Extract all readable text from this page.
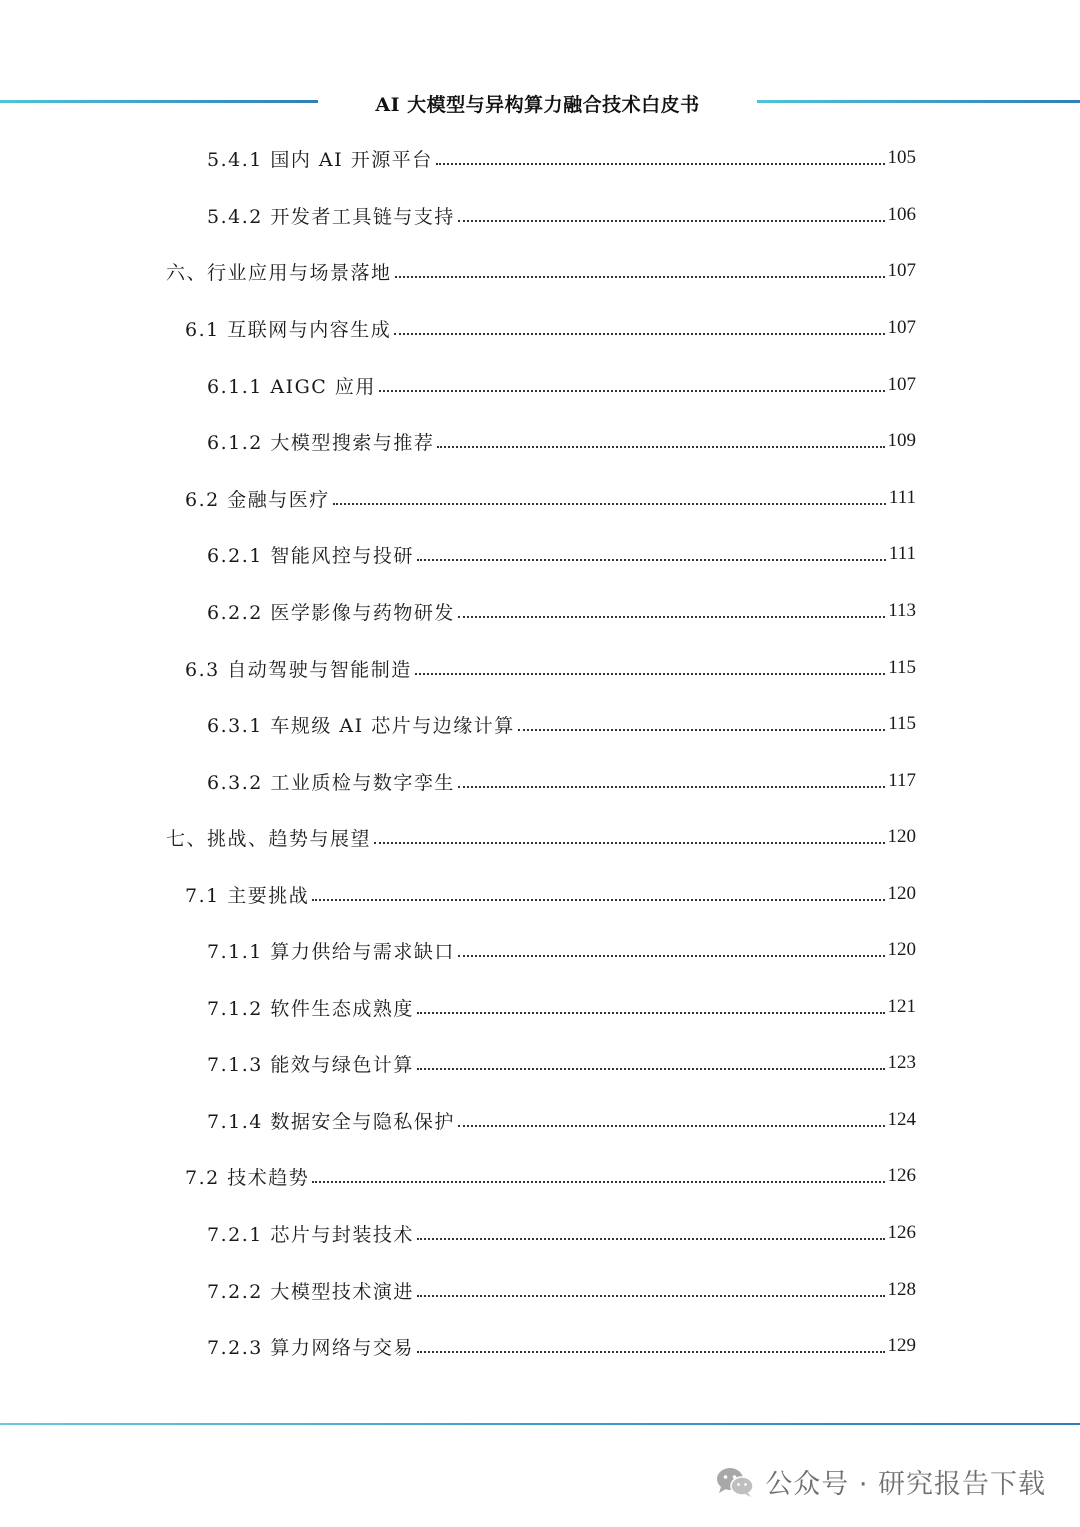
AI 大模型与异构算力融合技术白皮书
5.4.1 国内 AI 开源平台	105
5.4.2 开发者工具链与支持	106
六、行业应用与场景落地	107
6.1 互联网与内容生成	107
6.1.1 AIGC 应用	107
6.1.2 大模型搜索与推荐	109
6.2 金融与医疗	111
6.2.1 智能风控与投研	111
6.2.2 医学影像与药物研发	113
6.3 自动驾驶与智能制造	115
6.3.1 车规级 AI 芯片与边缘计算	115
6.3.2 工业质检与数字孪生	117
七、挑战、趋势与展望	120
7.1 主要挑战	120
7.1.1 算力供给与需求缺口	120
7.1.2 软件生态成熟度	121
7.1.3 能效与绿色计算	123
7.1.4 数据安全与隐私保护	124
7.2 技术趋势	126
7.2.1 芯片与封装技术	126
7.2.2 大模型技术演进	128
7.2.3 算力网络与交易	129
公众号 · 研究报告下载
